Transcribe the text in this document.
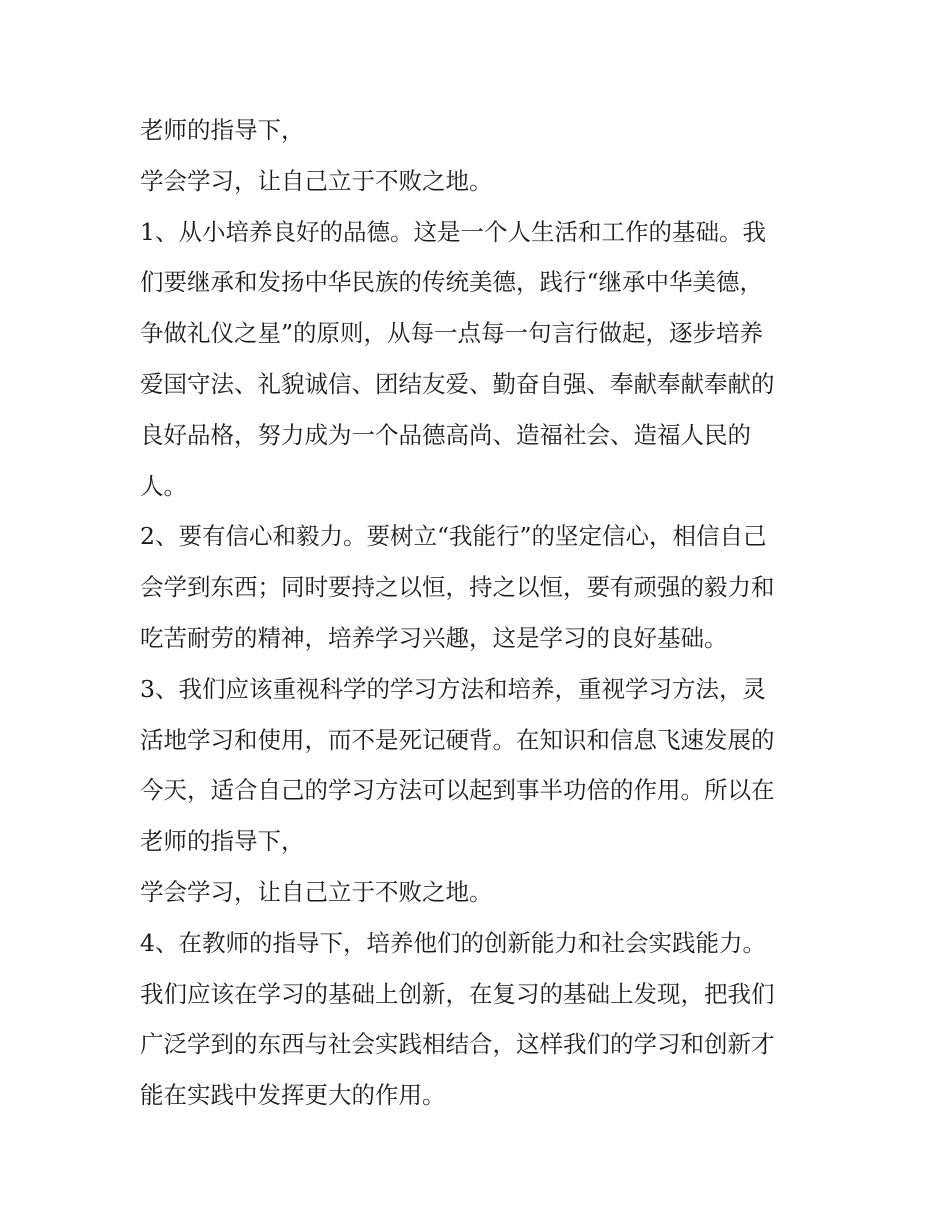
老师的指导下，
学会学习，让自己立于不败之地。
1、从小培养良好的品德。这是一个人生活和工作的基础。我
们要继承和发扬中华民族的传统美德，践行“继承中华美德，
争做礼仪之星”的原则，从每一点每一句言行做起，逐步培养
爱国守法、礼貌诚信、团结友爱、勤奋自强、奉献奉献奉献的
良好品格，努力成为一个品德高尚、造福社会、造福人民的
人。
2、要有信心和毅力。要树立“我能行”的坚定信心，相信自己
会学到东西；同时要持之以恒，持之以恒，要有顽强的毅力和
吃苦耐劳的精神，培养学习兴趣，这是学习的良好基础。
3、我们应该重视科学的学习方法和培养，重视学习方法，灵
活地学习和使用，而不是死记硬背。在知识和信息飞速发展的
今天，适合自己的学习方法可以起到事半功倍的作用。所以在
老师的指导下，
学会学习，让自己立于不败之地。
4、在教师的指导下，培养他们的创新能力和社会实践能力。
我们应该在学习的基础上创新，在复习的基础上发现，把我们
广泛学到的东西与社会实践相结合，这样我们的学习和创新才
能在实践中发挥更大的作用。
